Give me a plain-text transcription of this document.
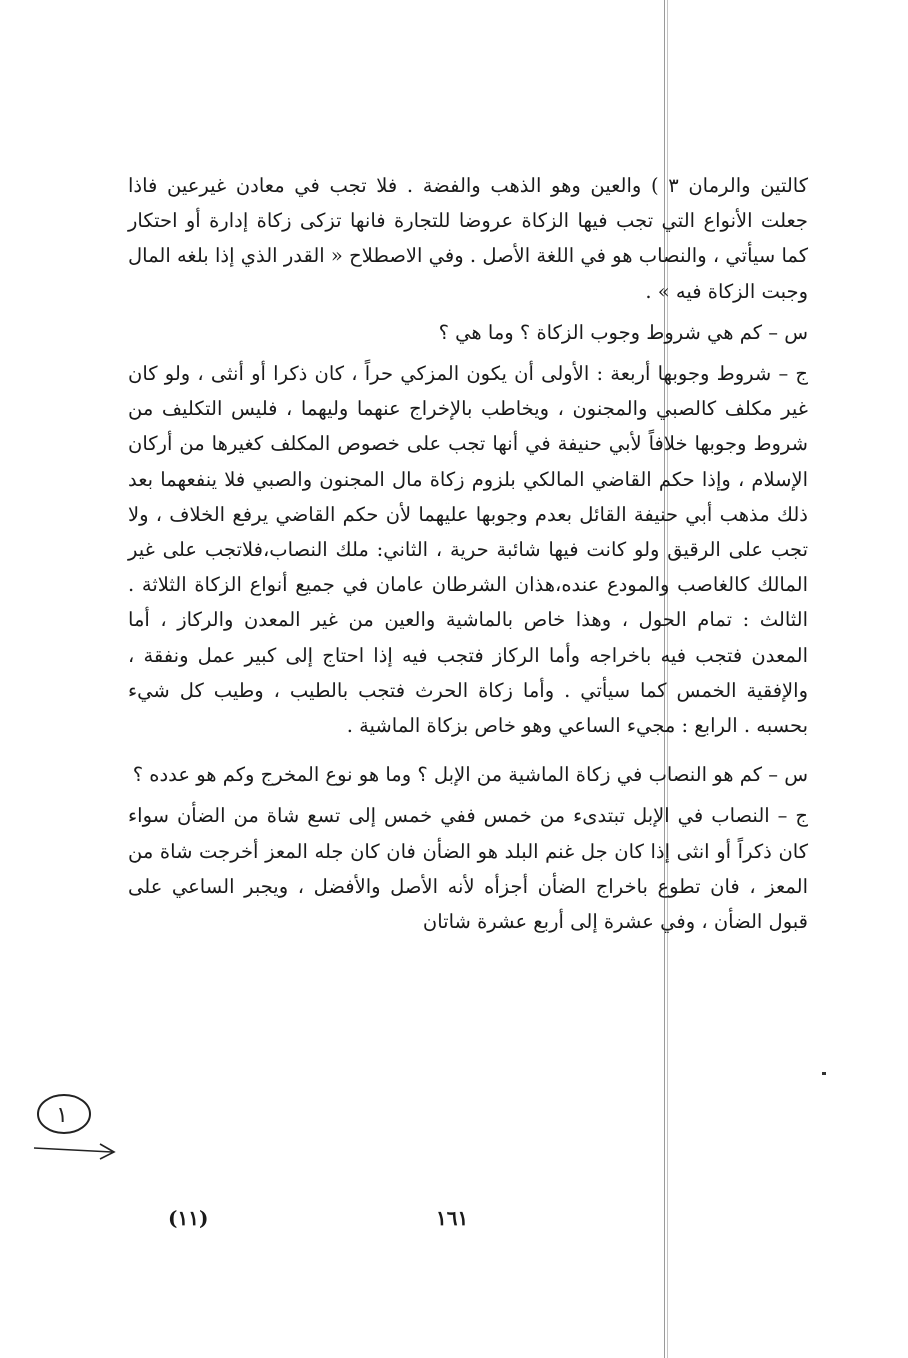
كالتين والرمان ٣ ) والعين وهو الذهب والفضة . فلا تجب في معادن غيرعين فاذا جعلت الأنواع التي تجب فيها الزكاة عروضا للتجارة فانها تزكى زكاة إدارة أو احتكار كما سيأتي ، والنصاب هو في اللغة الأصل . وفي الاصطلاح « القدر الذي إذا بلغه المال وجبت الزكاة فيه » .

س – كم هي شروط وجوب الزكاة ؟ وما هي ؟

ج – شروط وجوبها أربعة : الأولى أن يكون المزكي حراً ، كان ذكرا أو أنثى ، ولو كان غير مكلف كالصبي والمجنون ، ويخاطب بالإخراج عنهما وليهما ، فليس التكليف من شروط وجوبها خلافاً لأبي حنيفة في أنها تجب على خصوص المكلف كغيرها من أركان الإسلام ، وإذا حكم القاضي المالكي بلزوم زكاة مال المجنون والصبي فلا ينفعهما بعد ذلك مذهب أبي حنيفة القائل بعدم وجوبها عليهما لأن حكم القاضي يرفع الخلاف ، ولا تجب على الرقيق ولو كانت فيها شائبة حرية ، الثاني: ملك النصاب،فلاتجب على غير المالك كالغاصب والمودع عنده،هذان الشرطان عامان في جميع أنواع الزكاة الثلاثة . الثالث : تمام الحول ، وهذا خاص بالماشية والعين من غير المعدن والركاز ، أما المعدن فتجب فيه باخراجه وأما الركاز فتجب فيه إذا احتاج إلى كبير عمل ونفقة ، والإفقية الخمس كما سيأتي . وأما زكاة الحرث فتجب بالطيب ، وطيب كل شيء بحسبه . الرابع : مجيء الساعي وهو خاص بزكاة الماشية .

س – كم هو النصاب في زكاة الماشية من الإبل ؟ وما هو نوع المخرج وكم هو عدده ؟

ج – النصاب في الإبل تبتدىء من خمس ففي خمس إلى تسع شاة من الضأن سواء كان ذكراً أو انثى إذا كان جل غنم البلد هو الضأن فان كان جله المعز أخرجت شاة من المعز ، فان تطوع باخراج الضأن أجزأه لأنه الأصل والأفضل ، ويجبر الساعي على قبول الضأن ، وفي عشرة إلى أربع عشرة شاتان

١
١٦١
(١١)
